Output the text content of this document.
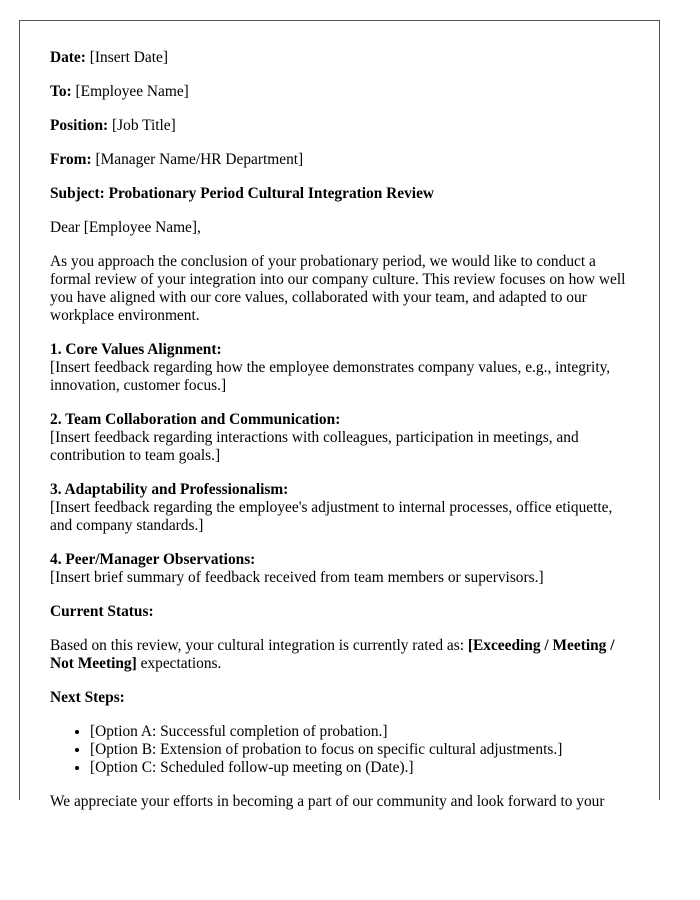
Date: [Insert Date]

To: [Employee Name]

Position: [Job Title]

From: [Manager Name/HR Department]

Subject: Probationary Period Cultural Integration Review

Dear [Employee Name],

As you approach the conclusion of your probationary period, we would like to conduct a formal review of your integration into our company culture. This review focuses on how well you have aligned with our core values, collaborated with your team, and adapted to our workplace environment.

1. Core Values Alignment:
[Insert feedback regarding how the employee demonstrates company values, e.g., integrity, innovation, customer focus.]

2. Team Collaboration and Communication:
[Insert feedback regarding interactions with colleagues, participation in meetings, and contribution to team goals.]

3. Adaptability and Professionalism:
[Insert feedback regarding the employee's adjustment to internal processes, office etiquette, and company standards.]

4. Peer/Manager Observations:
[Insert brief summary of feedback received from team members or supervisors.]

Current Status:

Based on this review, your cultural integration is currently rated as: [Exceeding / Meeting / Not Meeting] expectations.

Next Steps:

• [Option A: Successful completion of probation.]
• [Option B: Extension of probation to focus on specific cultural adjustments.]
• [Option C: Scheduled follow-up meeting on (Date).]

We appreciate your efforts in becoming a part of our community and look forward to your
